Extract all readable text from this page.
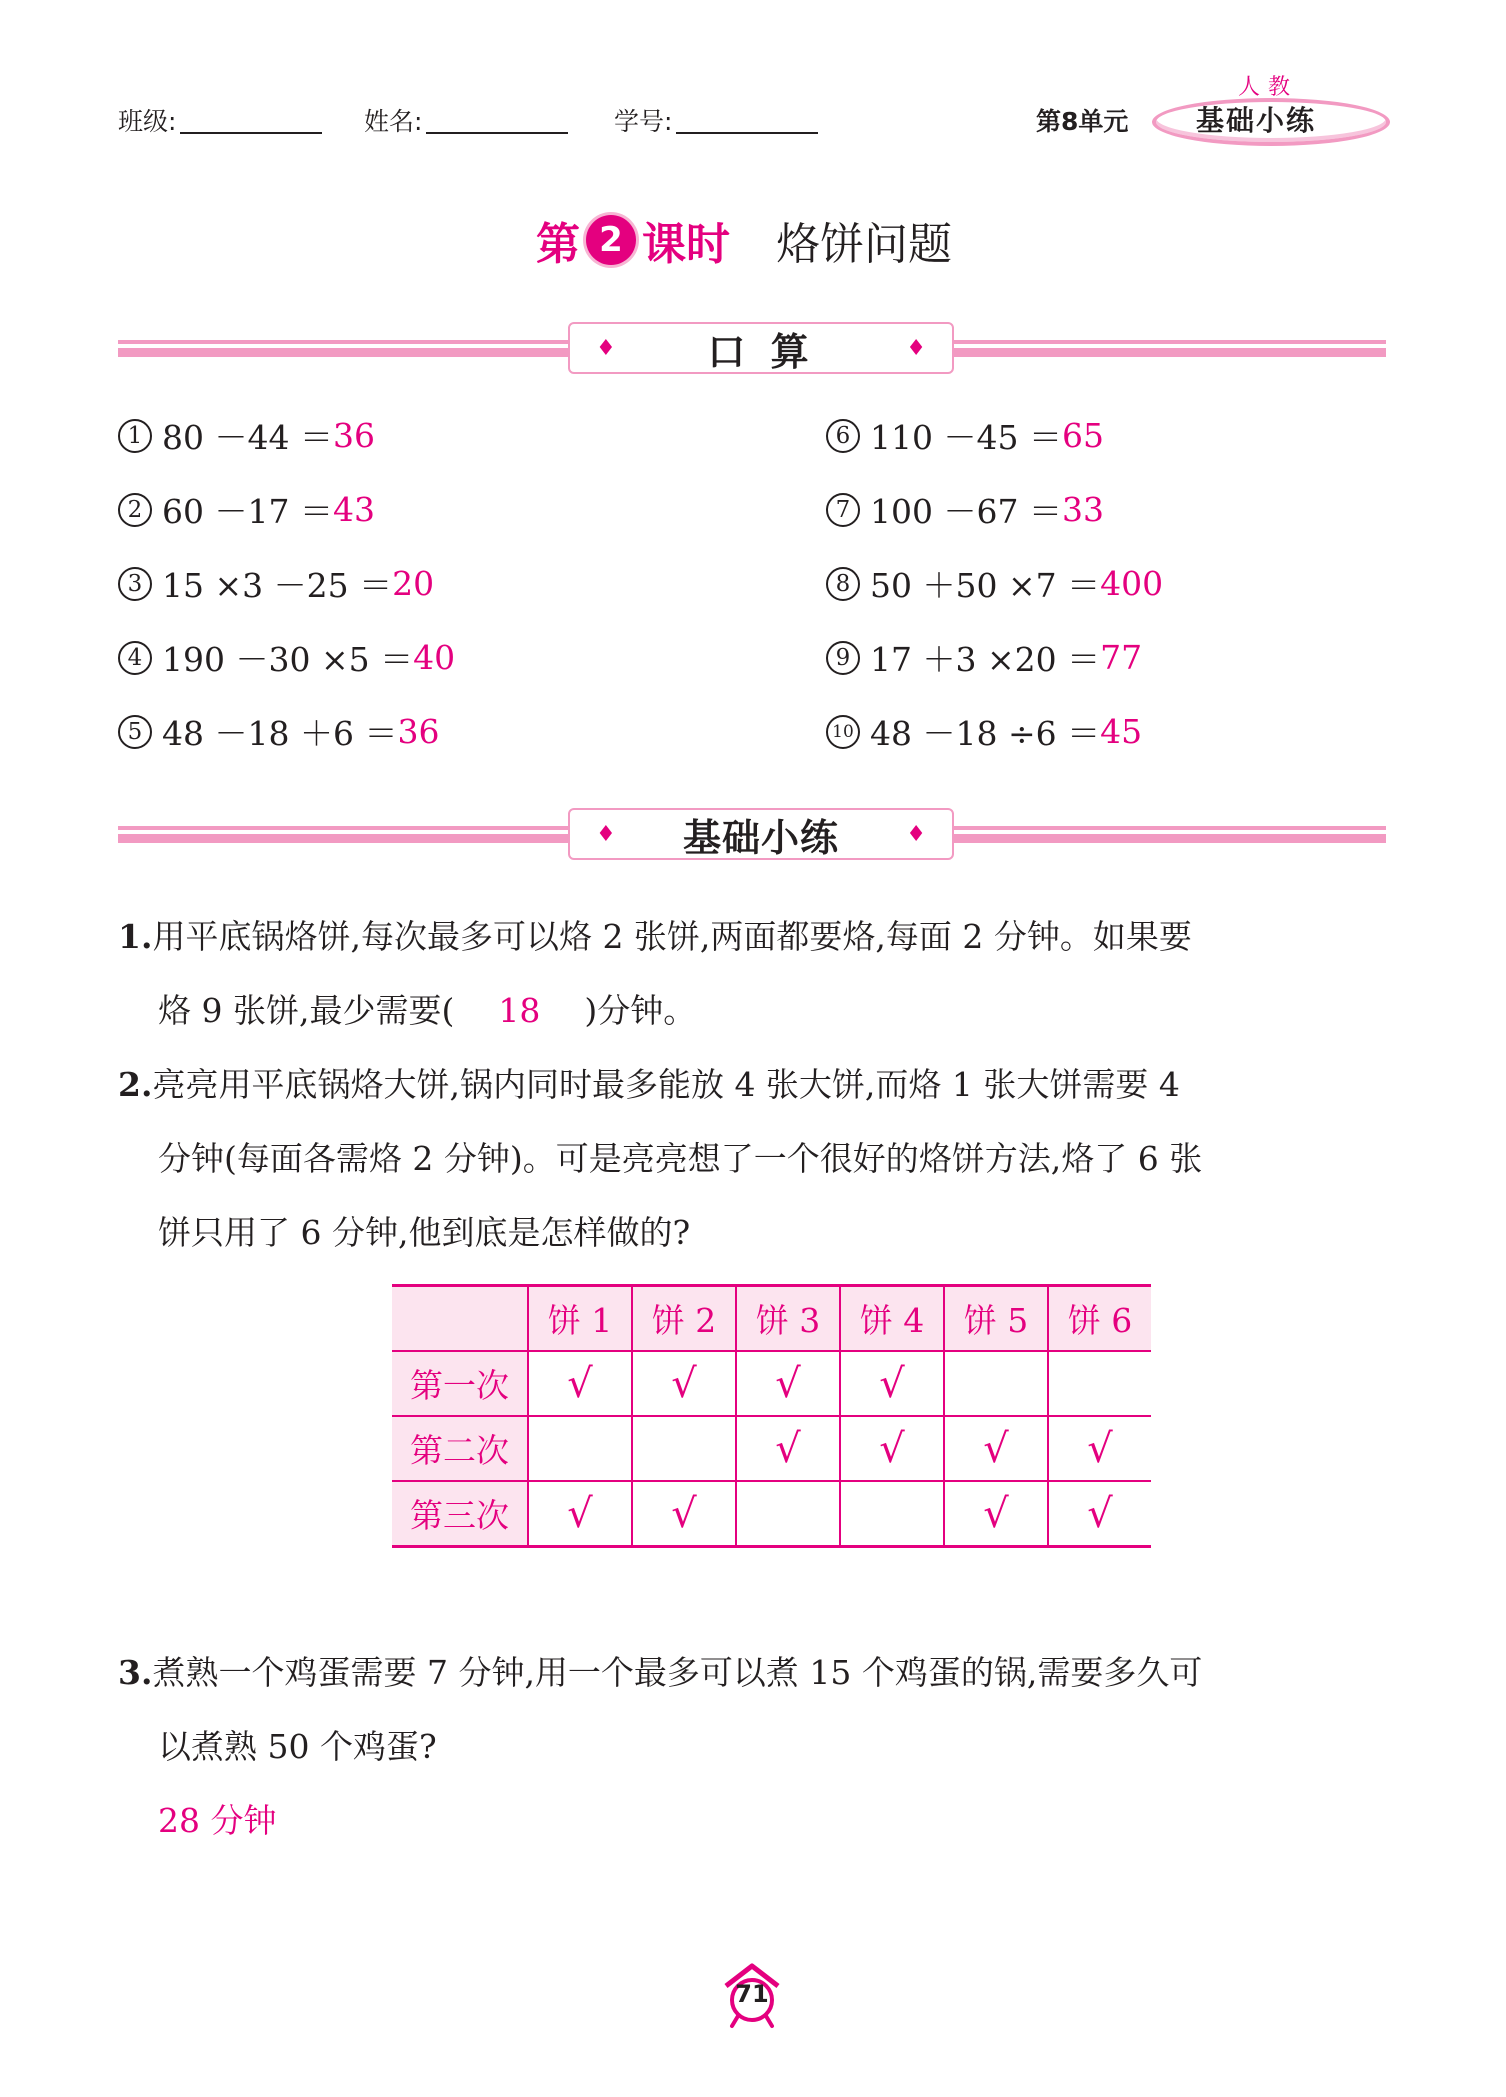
班级:	姓名:	学号:	第8单元
人教
基础小练
第 2 课时 烙饼问题
♦ 口 算	♦
1 80 －44 ＝ 36
2 60 －17 ＝ 43
3 15 ×3 －25 ＝ 20
4 190 －30 ×5 ＝ 40
5 48 －18 ＋6 ＝ 36
6 110 －45 ＝ 65
7 100 －67 ＝ 33
8 50 ＋50 ×7 ＝ 400
9 17 ＋3 ×20 ＝ 77
10 48 －18 ÷6 ＝ 45
♦ 基础小练	♦
1.用平底锅烙饼,每次最多可以烙 2 张饼,两面都要烙,每面 2 分钟。如果要
烙 9 张饼,最少需要( 18 )分钟。
2.亮亮用平底锅烙大饼,锅内同时最多能放 4 张大饼,而烙 1 张大饼需要 4
分钟(每面各需烙 2 分钟)。可是亮亮想了一个很好的烙饼方法,烙了 6 张
饼只用了 6 分钟,他到底是怎样做的?
	饼 1	饼 2	饼 3	饼 4	饼 5	饼 6
第一次	√	√	√	√		
第二次			√	√	√	√
第三次	√	√			√	√
3.煮熟一个鸡蛋需要 7 分钟,用一个最多可以煮 15 个鸡蛋的锅,需要多久可
以煮熟 50 个鸡蛋?
28 分钟
71
